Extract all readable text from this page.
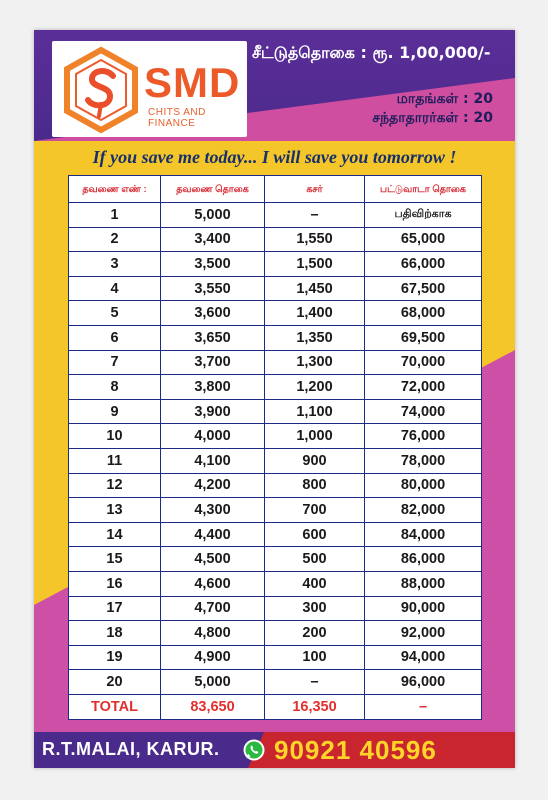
SMD
CHITS AND FINANCE
சீட்டுத்தொகை : ரூ. 1,00,000/-
மாதங்கள் : 20
சந்தாதாரர்கள் : 20
If you save me today... I will save you tomorrow !
தவணை எண் :	தவணை தொகை	கசர்	பட்டுவாடா தொகை
1	5,000	–	பதிவிற்காக
2	3,400	1,550	65,000
3	3,500	1,500	66,000
4	3,550	1,450	67,500
5	3,600	1,400	68,000
6	3,650	1,350	69,500
7	3,700	1,300	70,000
8	3,800	1,200	72,000
9	3,900	1,100	74,000
10	4,000	1,000	76,000
11	4,100	900	78,000
12	4,200	800	80,000
13	4,300	700	82,000
14	4,400	600	84,000
15	4,500	500	86,000
16	4,600	400	88,000
17	4,700	300	90,000
18	4,800	200	92,000
19	4,900	100	94,000
20	5,000	–	96,000
TOTAL	83,650	16,350	–
R.T.MALAI, KARUR. 90921 40596
